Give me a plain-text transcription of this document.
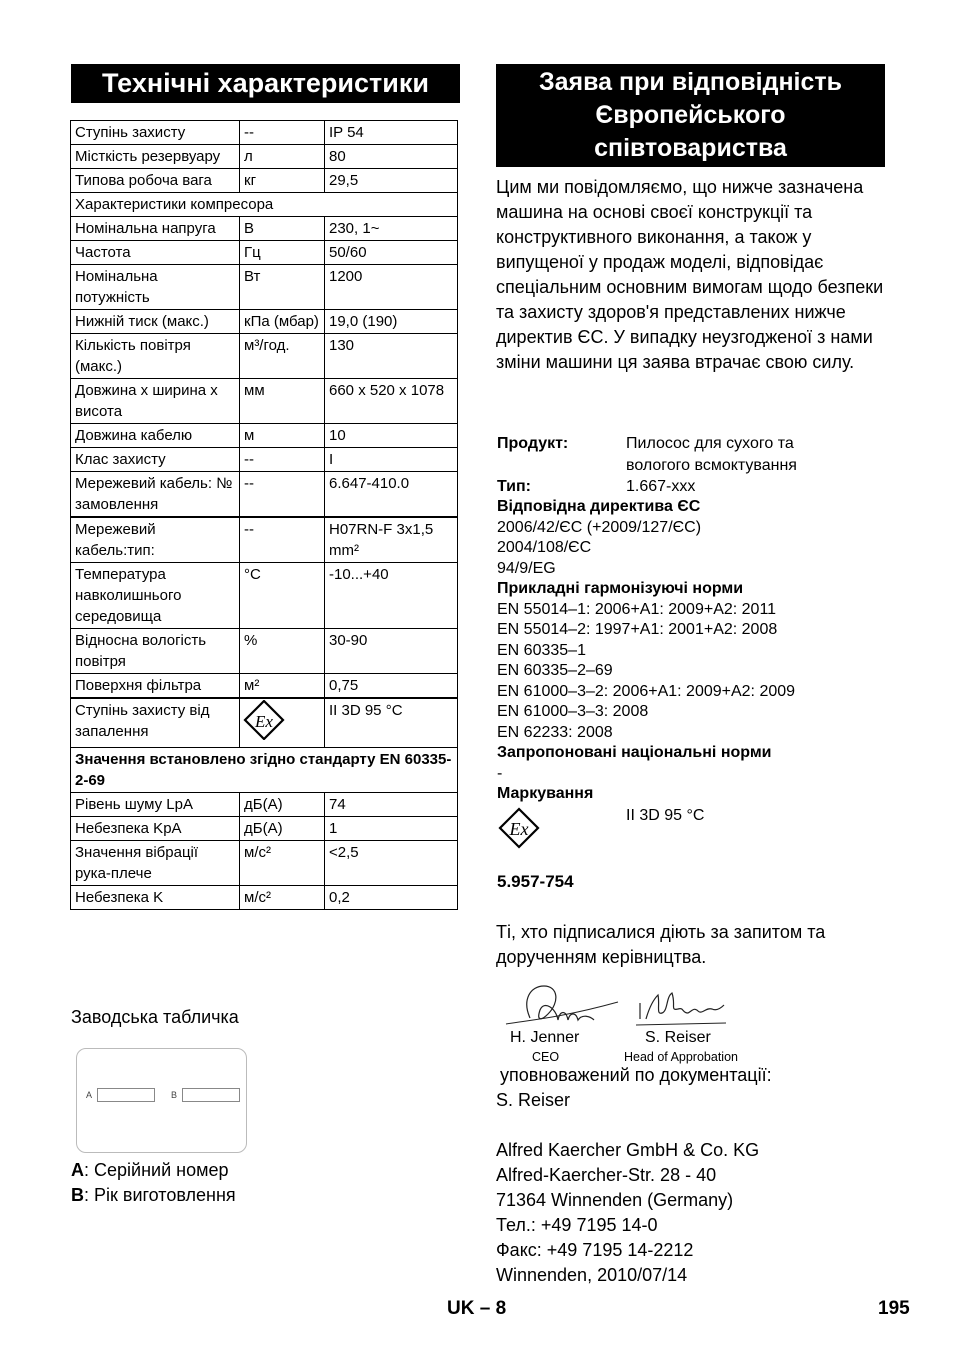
Технічні характеристики
Ступінь захисту	--	IP 54
Місткість резервуару	л	80
Типова робоча вага	кг	29,5
Характеристики компресора		
Номінальна напруга	В	230, 1~
Частота	Гц	50/60
Номінальна потужність	Вт	1200
Нижній тиск (макс.)	кПа (мбар)	19,0 (190)
Кількість повітря (макс.)	м³/год.	130
Довжина x ширина x висота	мм	660 x 520 x 1078
Довжина кабелю	м	10
Клас захисту	--	I
Мережевий кабель: № замовлення	--	6.647-410.0
Мережевий кабель:тип:	--	H07RN-F 3x1,5 mm²
Температура навколишнього середовища	°C	-10...+40
Відносна вологість повітря	%	30-90
Поверхня фільтра	м²	0,75
Ступінь захисту від запалення	Ex	II 3D 95 °C
Значення встановлено згідно стандарту EN 60335-2-69		
Рівень шуму LpA	дБ(A)	74
Небезпека KpA	дБ(A)	1
Значення вібрації рука-плече	м/с²	<2,5
Небезпека K	м/с²	0,2
Заводська табличка
A	B
A: Серійний номер
B: Рік виготовлення
Заява при відповідність
Європейського
співтовариства
Цим ми повідомляємо, що нижче зазначена машина на основі своєї конструкції та конструктивного виконання, а також у випущеної у продаж моделі, відповідає спеціальним основним вимогам щодо безпеки та захисту здоров'я представлених нижче директив ЄС. У випадку неузгодженої з нами зміни машини ця заява втрачає свою силу.
Продукт:	Пилосос для сухого та вологого всмоктування
Тип:	1.667-xxx
Відповідна директива ЄС
2006/42/ЄС (+2009/127/ЄС)
2004/108/ЄС
94/9/EG
Прикладні гармонізуючі норми
EN 55014–1: 2006+A1: 2009+A2: 2011
EN 55014–2: 1997+A1: 2001+A2: 2008
EN 60335–1
EN 60335–2–69
EN 61000–3–2: 2006+A1: 2009+A2: 2009
EN 61000–3–3: 2008
EN 62233: 2008
Запропоновані національні норми
-
Маркування
Ex
II 3D 95 °C
5.957-754
Ті, хто підписалися діють за запитом та дорученням керівництва.
H. Jenner
CEO
S. Reiser
Head of Approbation
уповноважений по документації:
S. Reiser
Alfred Kaercher GmbH & Co. KG
Alfred-Kaercher-Str. 28 - 40
71364 Winnenden (Germany)
Тел.: +49 7195 14-0
Факс: +49 7195 14-2212
Winnenden, 2010/07/14
UK – 8	195
